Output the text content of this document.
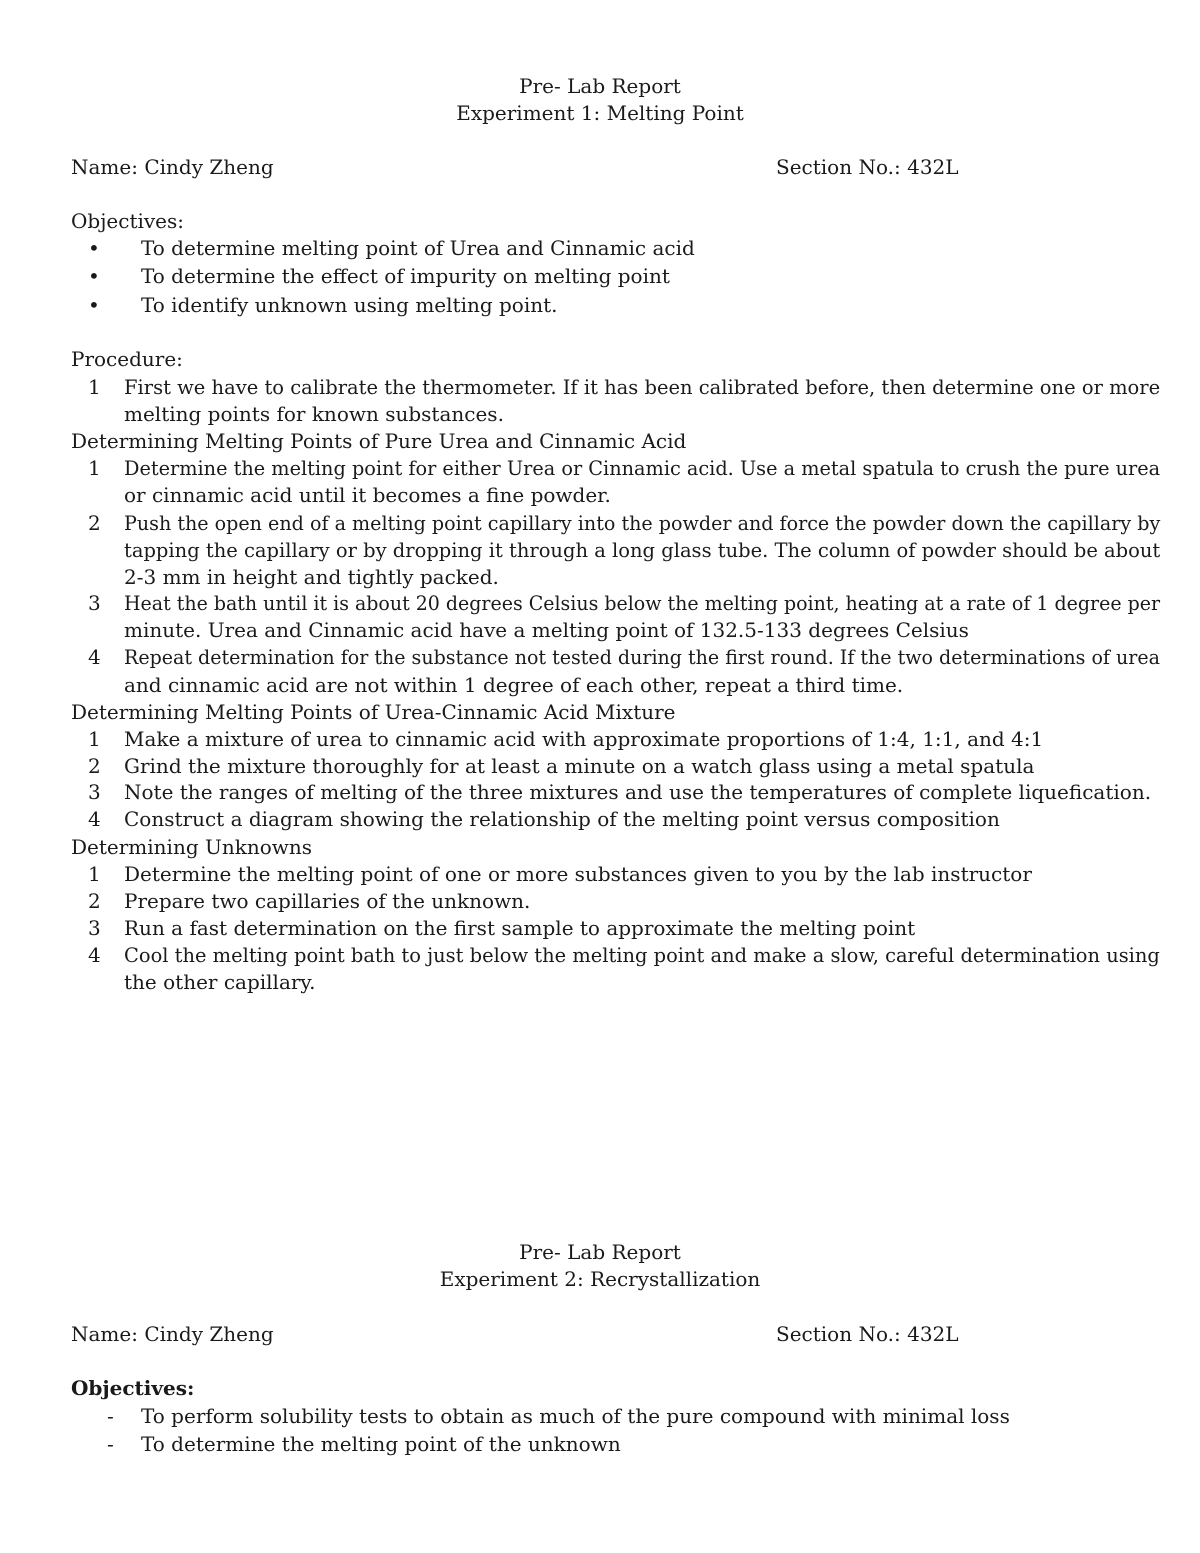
Pre- Lab Report
Experiment 1: Melting Point
Name: Cindy Zheng	Section No.: 432L
Objectives:
• To determine melting point of Urea and Cinnamic acid
• To determine the effect of impurity on melting point
• To identify unknown using melting point.
Procedure:
1 First we have to calibrate the thermometer. If it has been calibrated before, then determine one or more
melting points for known substances.
Determining Melting Points of Pure Urea and Cinnamic Acid
1 Determine the melting point for either Urea or Cinnamic acid. Use a metal spatula to crush the pure urea
or cinnamic acid until it becomes a fine powder.
2 Push the open end of a melting point capillary into the powder and force the powder down the capillary by
tapping the capillary or by dropping it through a long glass tube. The column of powder should be about
2-3 mm in height and tightly packed.
3 Heat the bath until it is about 20 degrees Celsius below the melting point, heating at a rate of 1 degree per
minute. Urea and Cinnamic acid have a melting point of 132.5-133 degrees Celsius
4 Repeat determination for the substance not tested during the first round. If the two determinations of urea
and cinnamic acid are not within 1 degree of each other, repeat a third time.
Determining Melting Points of Urea-Cinnamic Acid Mixture
1 Make a mixture of urea to cinnamic acid with approximate proportions of 1:4, 1:1, and 4:1
2 Grind the mixture thoroughly for at least a minute on a watch glass using a metal spatula
3 Note the ranges of melting of the three mixtures and use the temperatures of complete liquefication.
4 Construct a diagram showing the relationship of the melting point versus composition
Determining Unknowns
1 Determine the melting point of one or more substances given to you by the lab instructor
2 Prepare two capillaries of the unknown.
3 Run a fast determination on the first sample to approximate the melting point
4 Cool the melting point bath to just below the melting point and make a slow, careful determination using
the other capillary.
Pre- Lab Report
Experiment 2: Recrystallization
Name: Cindy Zheng	Section No.: 432L
Objectives:
- To perform solubility tests to obtain as much of the pure compound with minimal loss
- To determine the melting point of the unknown
